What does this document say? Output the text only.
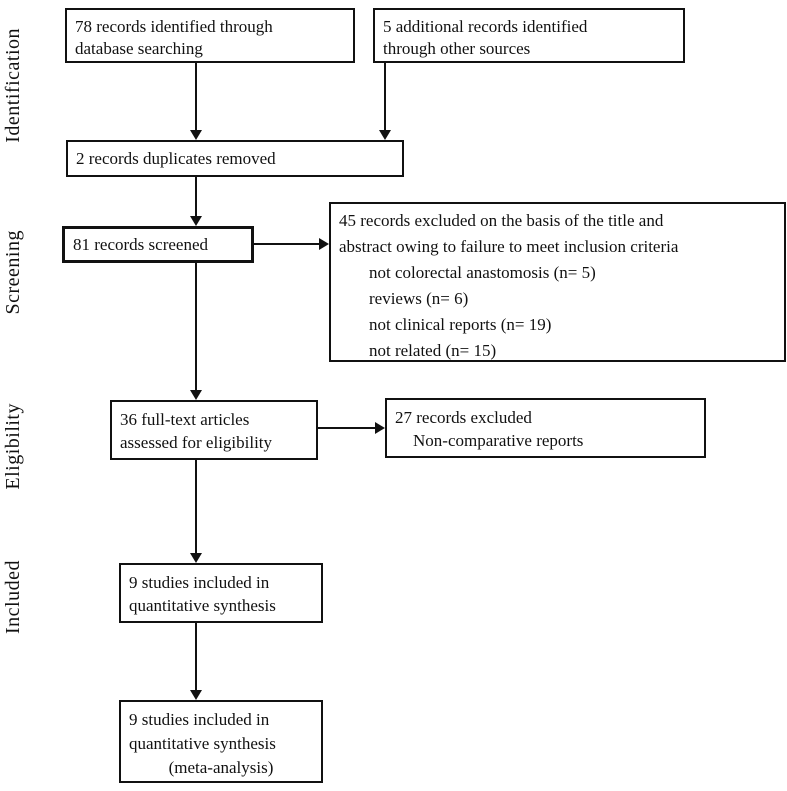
Identification
Screening
Eligibility
Included
78 records identified through
database searching
5 additional records identified
through other sources
2 records duplicates removed
81 records screened
45 records excluded on the basis of the title and
abstract owing to failure to meet inclusion criteria
not colorectal anastomosis (n= 5)
reviews (n= 6)
not clinical reports (n= 19)
not related (n= 15)
36 full-text articles
assessed for eligibility
27 records excluded
Non-comparative reports
9 studies included in
quantitative synthesis
9 studies included in
quantitative synthesis
(meta-analysis)
